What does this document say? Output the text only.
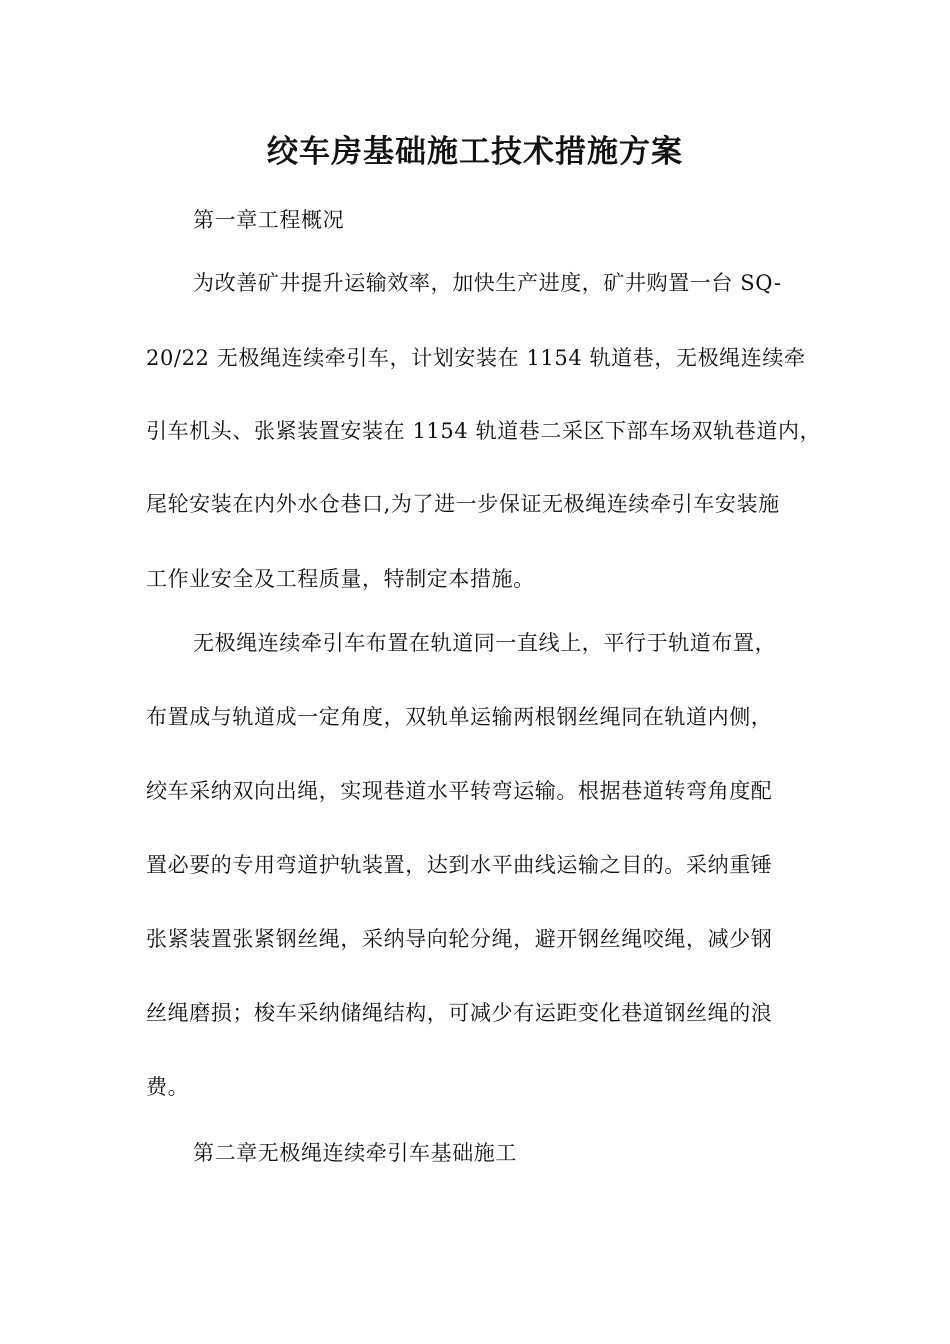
绞车房基础施工技术措施方案

第一章工程概况

为改善矿井提升运输效率，加快生产进度，矿井购置一台 SQ-

20/22 无极绳连续牵引车，计划安装在 1154 轨道巷，无极绳连续牵

引车机头、张紧装置安装在 1154 轨道巷二采区下部车场双轨巷道内，

尾轮安装在内外水仓巷口,为了进一步保证无极绳连续牵引车安装施

工作业安全及工程质量，特制定本措施。

无极绳连续牵引车布置在轨道同一直线上，平行于轨道布置，

布置成与轨道成一定角度，双轨单运输两根钢丝绳同在轨道内侧，

绞车采纳双向出绳，实现巷道水平转弯运输。根据巷道转弯角度配

置必要的专用弯道护轨装置，达到水平曲线运输之目的。采纳重锤

张紧装置张紧钢丝绳，采纳导向轮分绳，避开钢丝绳咬绳，减少钢

丝绳磨损；梭车采纳储绳结构，可减少有运距变化巷道钢丝绳的浪

费。

第二章无极绳连续牵引车基础施工
